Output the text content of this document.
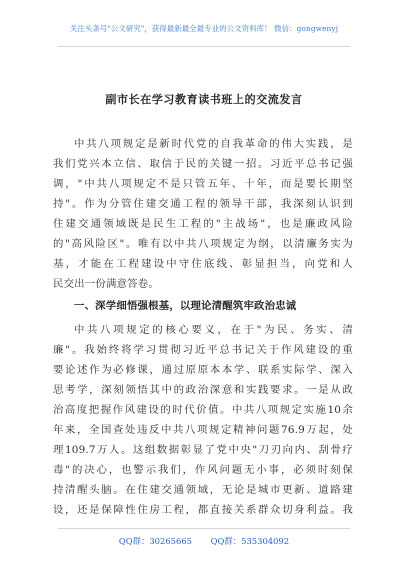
关注头条号"公文研究"，获得最新最全最专业的公文资料库！ 微信：gongwenyj
副市长在学习教育读书班上的交流发言
中共八项规定是新时代党的自我革命的伟大实践，是
我们党兴本立信、取信于民的关键一招。习近平总书记强
调，"中共八项规定不是只管五年、十年，而是要长期坚
持"。作为分管住建交通工程的领导干部，我深刻认识到
住建交通领域既是民生工程的"主战场"，也是廉政风险
的"高风险区"。唯有以中共八项规定为纲，以清廉务实为
基，才能在工程建设中守住底线、彰显担当，向党和人
民交出一份满意答卷。
一、深学细悟强根基，以理论清醒筑牢政治忠诚
中共八项规定的核心要义，在于"为民、务实、清
廉"。我始终将学习贯彻习近平总书记关于作风建设的重
要论述作为必修课，通过原原本本学、联系实际学、深入
思考学，深刻领悟其中的政治深意和实践要求。一是从政
治高度把握作风建设的时代价值。中共八项规定实施10余
年来，全国查处违反中共八项规定精神问题76.9万起，处
理109.7万人。这组数据彰显了党中央"刀刃向内、刮骨疗
毒"的决心，也警示我们，作风问题无小事，必须时刻保
持清醒头脑。在住建交通领域，无论是城市更新、道路建
设，还是保障性住房工程，都直接关系群众切身利益。我
QQ群：30265665 QQ群：535304092
